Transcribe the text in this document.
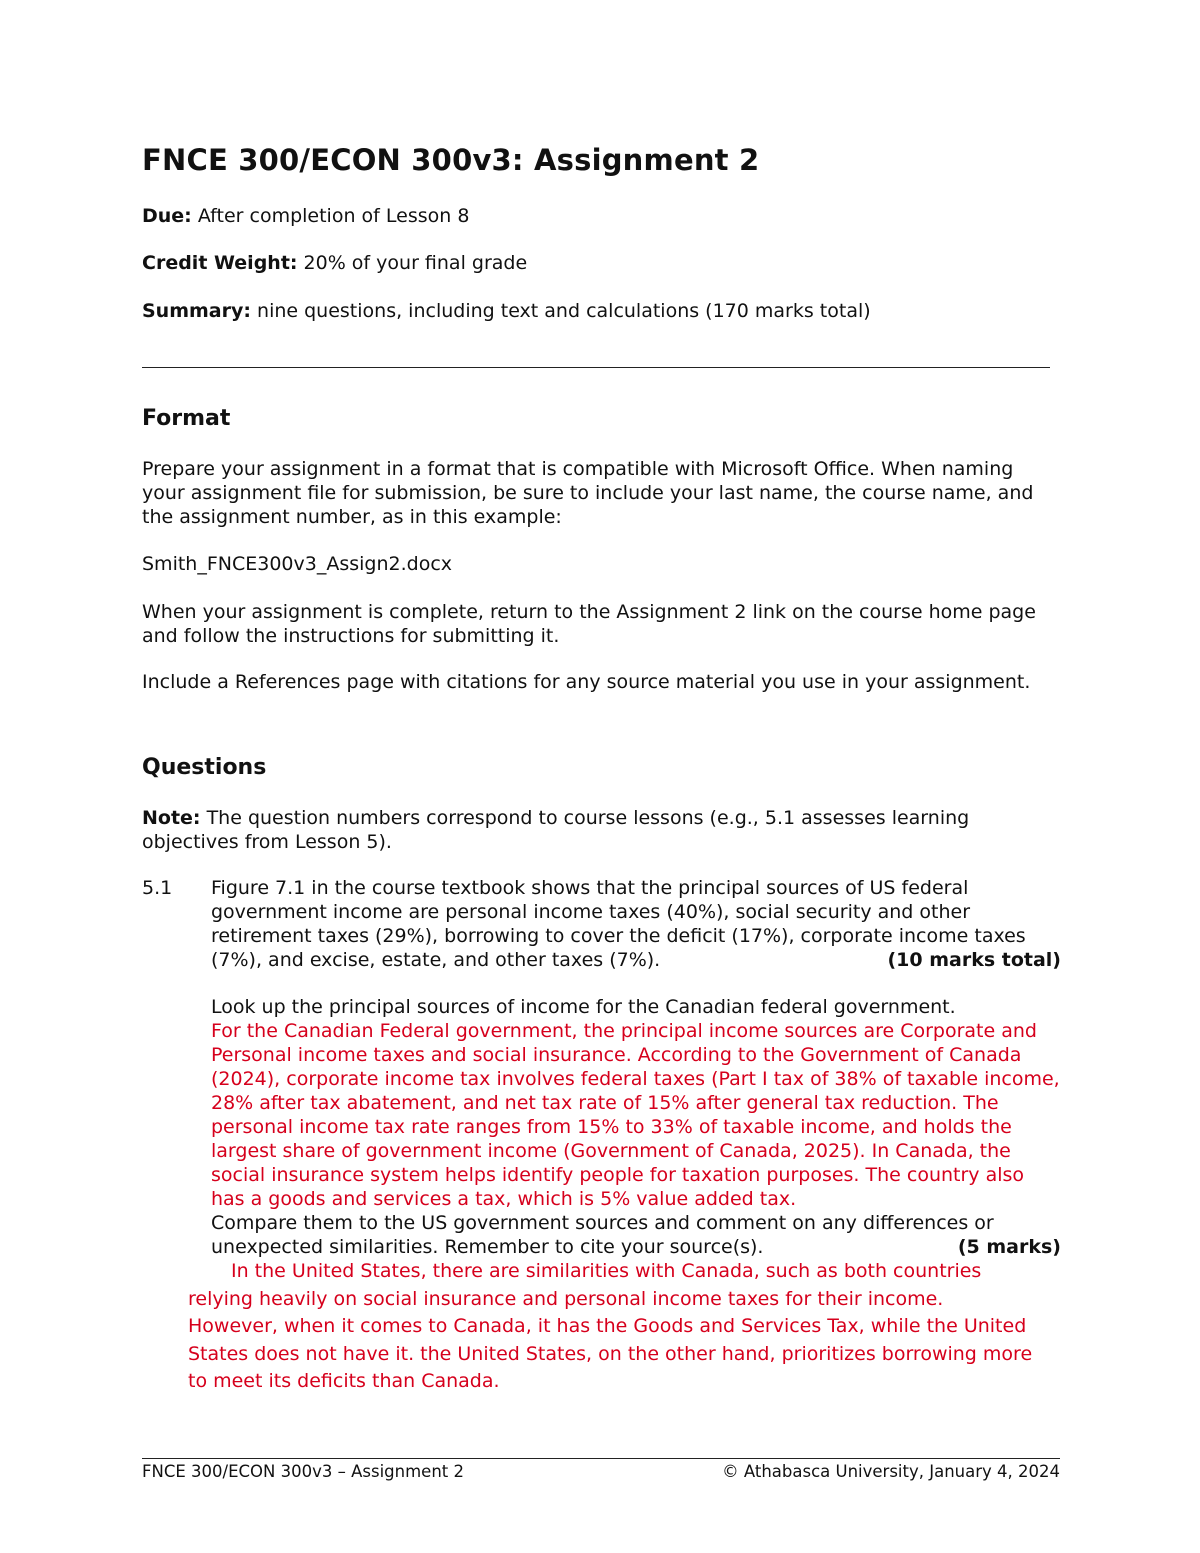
FNCE 300/ECON 300v3: Assignment 2

Due: After completion of Lesson 8

Credit Weight: 20% of your final grade

Summary: nine questions, including text and calculations (170 marks total)

Format

Prepare your assignment in a format that is compatible with Microsoft Office. When naming your assignment file for submission, be sure to include your last name, the course name, and the assignment number, as in this example:

Smith_FNCE300v3_Assign2.docx

When your assignment is complete, return to the Assignment 2 link on the course home page and follow the instructions for submitting it.

Include a References page with citations for any source material you use in your assignment.

Questions

Note: The question numbers correspond to course lessons (e.g., 5.1 assesses learning objectives from Lesson 5).

5.1 Figure 7.1 in the course textbook shows that the principal sources of US federal government income are personal income taxes (40%), social security and other retirement taxes (29%), borrowing to cover the deficit (17%), corporate income taxes (7%), and excise, estate, and other taxes (7%).	(10 marks total)

Look up the principal sources of income for the Canadian federal government.
For the Canadian Federal government, the principal income sources are Corporate and Personal income taxes and social insurance. According to the Government of Canada (2024), corporate income tax involves federal taxes (Part I tax of 38% of taxable income, 28% after tax abatement, and net tax rate of 15% after general tax reduction. The personal income tax rate ranges from 15% to 33% of taxable income, and holds the largest share of government income (Government of Canada, 2025). In Canada, the social insurance system helps identify people for taxation purposes. The country also has a goods and services a tax, which is 5% value added tax.
Compare them to the US government sources and comment on any differences or unexpected similarities. Remember to cite your source(s).	(5 marks)

In the United States, there are similarities with Canada, such as both countries relying heavily on social insurance and personal income taxes for their income. However, when it comes to Canada, it has the Goods and Services Tax, while the United States does not have it. the United States, on the other hand, prioritizes borrowing more to meet its deficits than Canada.

FNCE 300/ECON 300v3 – Assignment 2	© Athabasca University, January 4, 2024
